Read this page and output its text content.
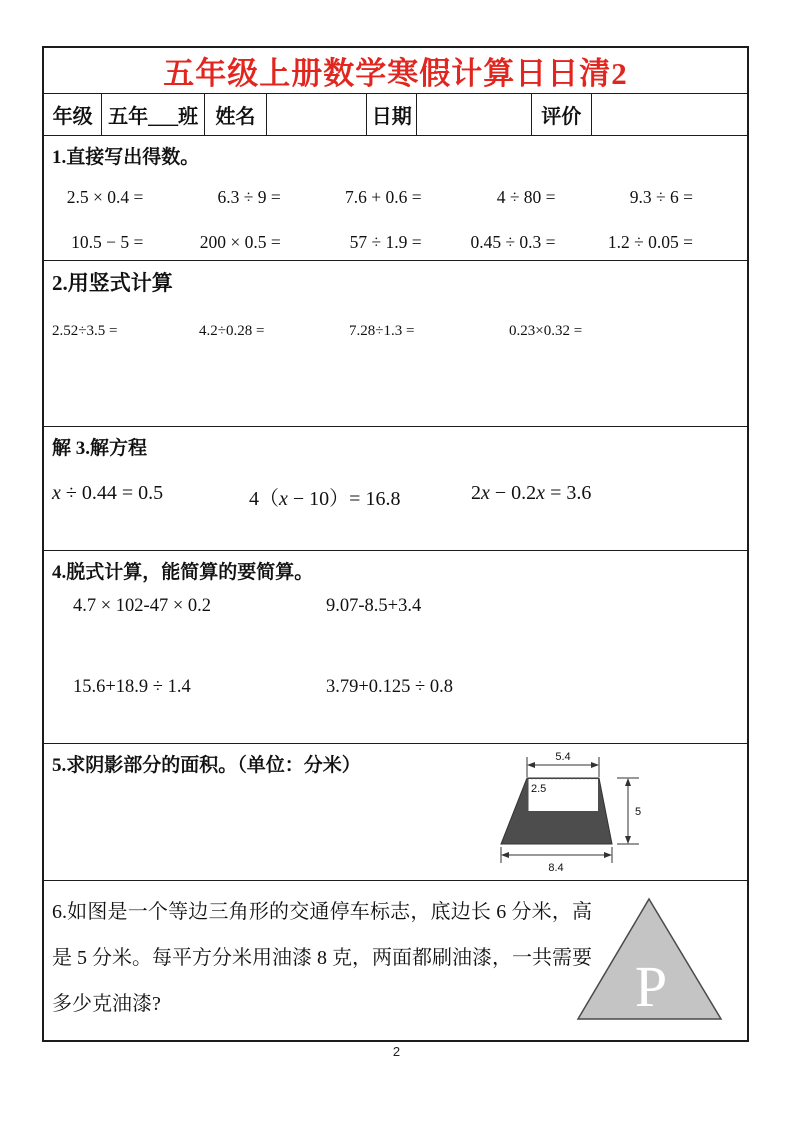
五年级上册数学寒假计算日日清2
年级 五年___班 姓名	日期	评价
1.直接写出得数。
2.5 × 0.4 =	6.3 ÷ 9 =	7.6 + 0.6 =	4 ÷ 80 =	9.3 ÷ 6 =
10.5 − 5 =	200 × 0.5 =	57 ÷ 1.9 =	0.45 ÷ 0.3 =	1.2 ÷ 0.05 =
2.用竖式计算
2.52÷3.5 =	4.2÷0.28 =	7.28÷1.3 =	0.23×0.32 =
解 3.解方程
x ÷ 0.44 = 0.5	4（x − 10）= 16.8	2x − 0.2x = 3.6
4.脱式计算，能简算的要简算。
4.7 × 102-47 × 0.2	9.07-8.5+3.4
15.6+18.9 ÷ 1.4	3.79+0.125 ÷ 0.8
5.求阴影部分的面积。（单位：分米）	5.4
2.5
5
8.4
6.如图是一个等边三角形的交通停车标志，底边长 6 分米，高是 5 分米。每平方分米用油漆 8 克，两面都刷油漆，一共需要多少克油漆?	P
2
